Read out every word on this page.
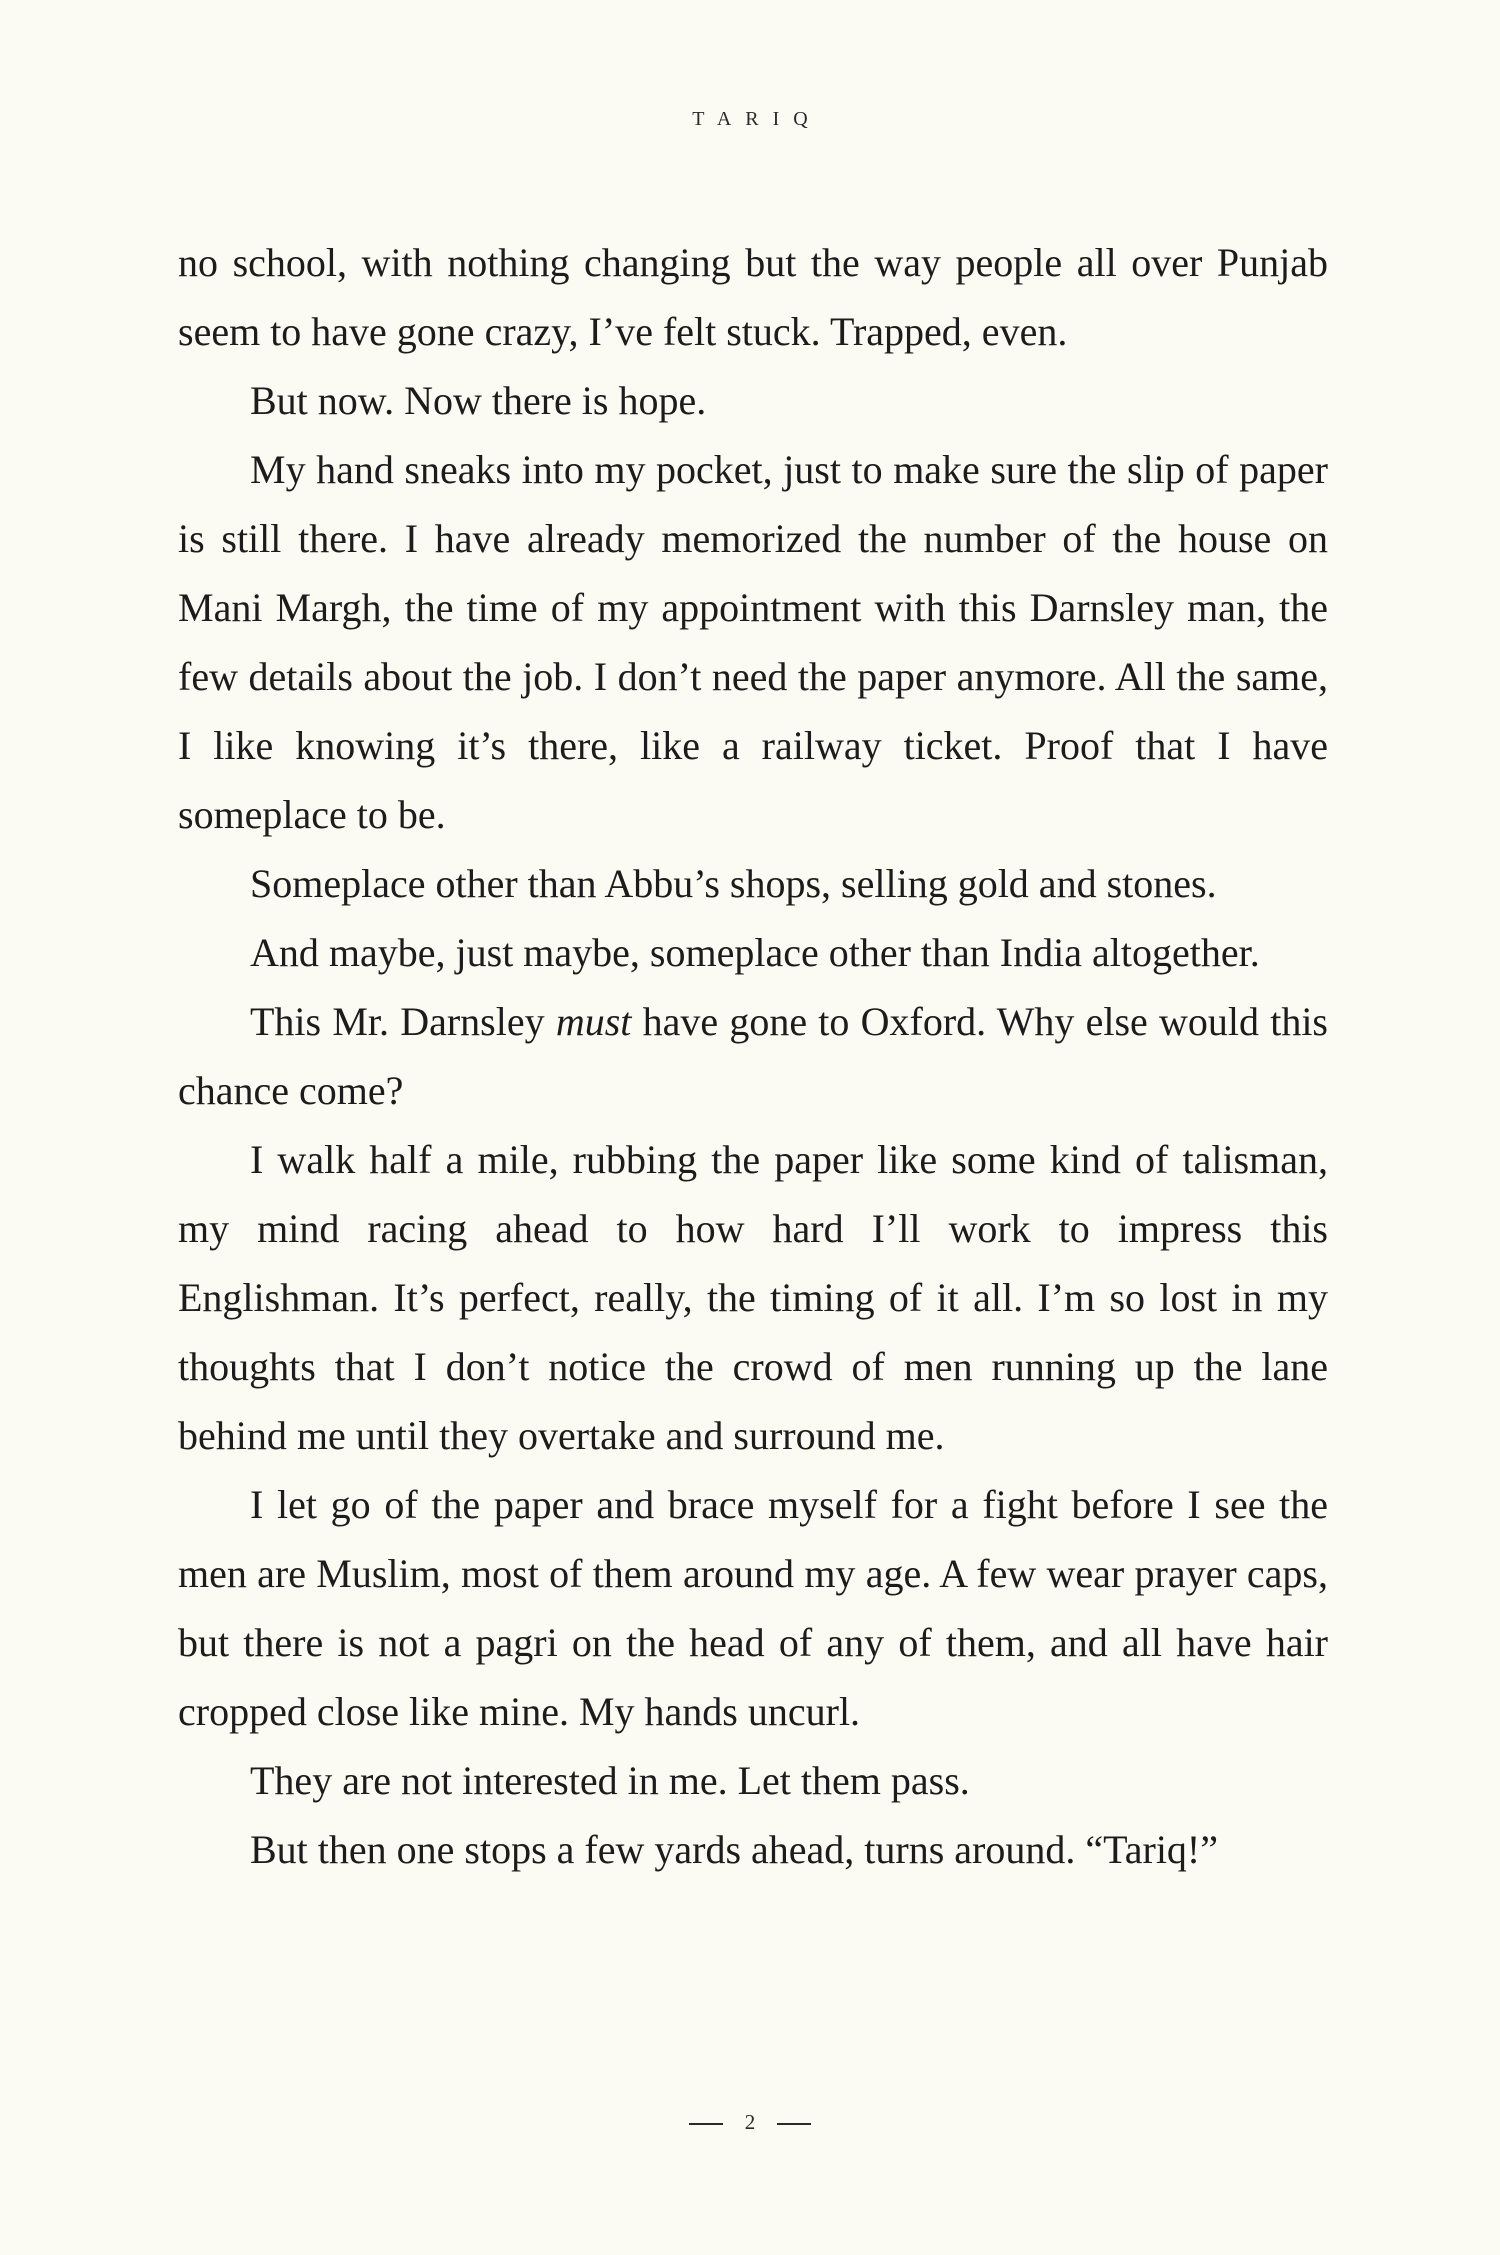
TARIQ

no school, with nothing changing but the way people all over Punjab seem to have gone crazy, I’ve felt stuck. Trapped, even.

But now. Now there is hope.

My hand sneaks into my pocket, just to make sure the slip of paper is still there. I have already memorized the number of the house on Mani Margh, the time of my appointment with this Darnsley man, the few details about the job. I don’t need the paper anymore. All the same, I like knowing it’s there, like a railway ticket. Proof that I have someplace to be.

Someplace other than Abbu’s shops, selling gold and stones.

And maybe, just maybe, someplace other than India altogether.

This Mr. Darnsley must have gone to Oxford. Why else would this chance come?

I walk half a mile, rubbing the paper like some kind of talisman, my mind racing ahead to how hard I’ll work to impress this Englishman. It’s perfect, really, the timing of it all. I’m so lost in my thoughts that I don’t notice the crowd of men running up the lane behind me until they overtake and surround me.

I let go of the paper and brace myself for a fight before I see the men are Muslim, most of them around my age. A few wear prayer caps, but there is not a pagri on the head of any of them, and all have hair cropped close like mine. My hands uncurl.

They are not interested in me. Let them pass.

But then one stops a few yards ahead, turns around. “Tariq!”

2
